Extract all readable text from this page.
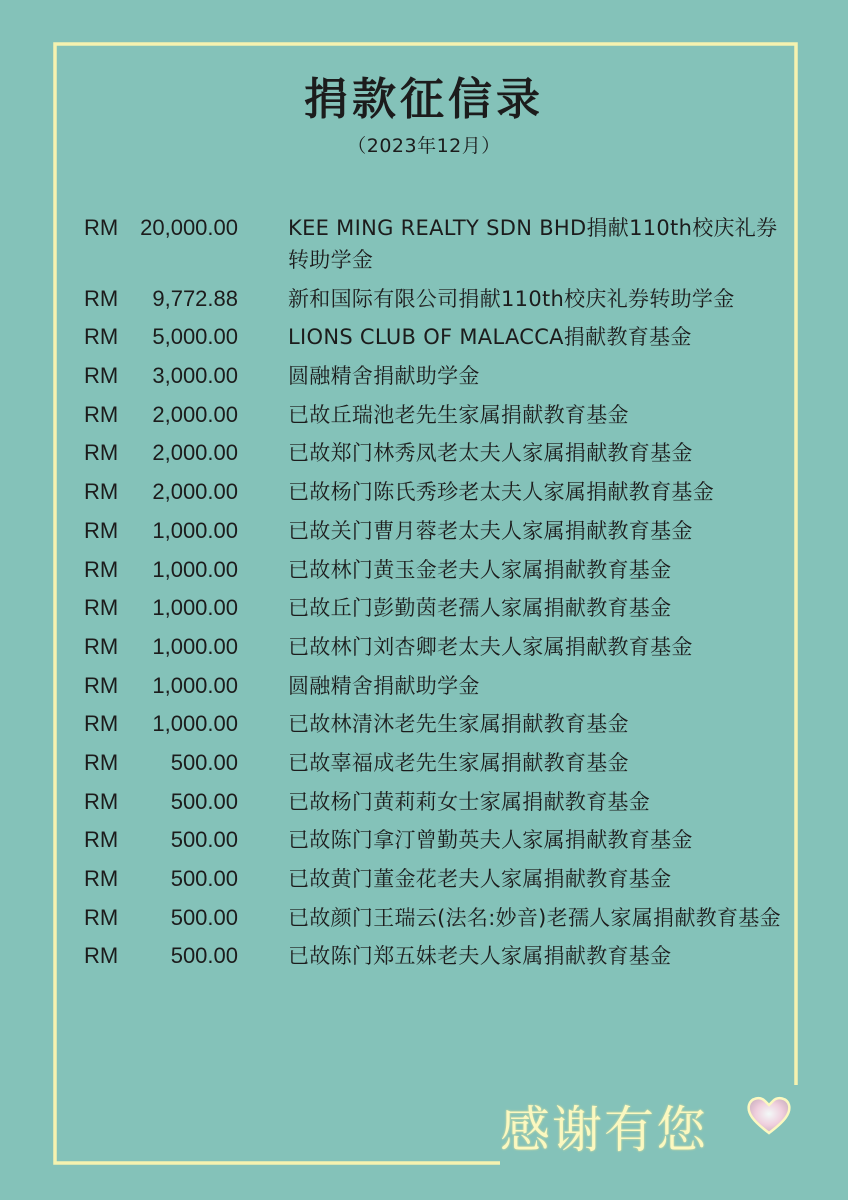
捐款征信录
（2023年12月）
RM 20,000.00 KEE MING REALTY SDN BHD捐献110th校庆礼券转助学金
RM	9,772.88 新和国际有限公司捐献110th校庆礼券转助学金
RM	5,000.00 LIONS CLUB OF MALACCA捐献教育基金
RM	3,000.00 圆融精舍捐献助学金
RM	2,000.00 已故丘瑞池老先生家属捐献教育基金
RM	2,000.00 已故郑门林秀凤老太夫人家属捐献教育基金
RM	2,000.00 已故杨门陈氏秀珍老太夫人家属捐献教育基金
RM	1,000.00 已故关门曹月蓉老太夫人家属捐献教育基金
RM	1,000.00 已故林门黄玉金老夫人家属捐献教育基金
RM	1,000.00 已故丘门彭勤茵老孺人家属捐献教育基金
RM	1,000.00 已故林门刘杏卿老太夫人家属捐献教育基金
RM	1,000.00 圆融精舍捐献助学金
RM	1,000.00 已故林清沐老先生家属捐献教育基金
RM	500.00 已故辜福成老先生家属捐献教育基金
RM	500.00 已故杨门黄莉莉女士家属捐献教育基金
RM	500.00 已故陈门拿汀曾勤英夫人家属捐献教育基金
RM	500.00 已故黄门董金花老夫人家属捐献教育基金
RM	500.00 已故颜门王瑞云(法名:妙音)老孺人家属捐献教育基金
RM	500.00 已故陈门郑五妹老夫人家属捐献教育基金
感谢有您
